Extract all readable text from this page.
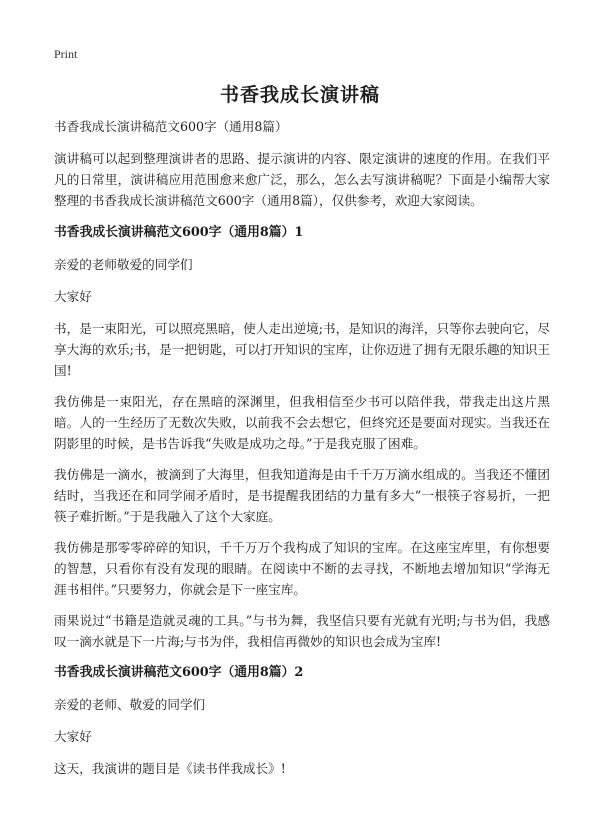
Print
书香我成长演讲稿
书香我成长演讲稿范文600字（通用8篇）
演讲稿可以起到整理演讲者的思路、提示演讲的内容、限定演讲的速度的作用。在我们平凡的日常里，演讲稿应用范围愈来愈广泛，那么，怎么去写演讲稿呢？下面是小编帮大家整理的书香我成长演讲稿范文600字（通用8篇），仅供参考，欢迎大家阅读。
书香我成长演讲稿范文600字（通用8篇）1
亲爱的老师敬爱的同学们
大家好
书，是一束阳光，可以照亮黑暗，使人走出逆境;书，是知识的海洋，只等你去驶向它，尽享大海的欢乐;书，是一把钥匙，可以打开知识的宝库，让你迈进了拥有无限乐趣的知识王国!
我仿佛是一束阳光，存在黑暗的深渊里，但我相信至少书可以陪伴我，带我走出这片黑暗。人的一生经历了无数次失败，以前我不会去想它，但终究还是要面对现实。当我还在阴影里的时候，是书告诉我“失败是成功之母。”于是我克服了困难。
我仿佛是一滴水，被滴到了大海里，但我知道海是由千千万万滴水组成的。当我还不懂团结时，当我还在和同学闹矛盾时，是书提醒我团结的力量有多大“一根筷子容易折，一把筷子难折断。”于是我融入了这个大家庭。
我仿佛是那零零碎碎的知识，千千万万个我构成了知识的宝库。在这座宝库里，有你想要的智慧，只看你有没有发现的眼睛。在阅读中不断的去寻找，不断地去增加知识“学海无涯书相伴。”只要努力，你就会是下一座宝库。
雨果说过“书籍是造就灵魂的工具。”与书为舞，我坚信只要有光就有光明;与书为侣，我感叹一滴水就是下一片海;与书为伴，我相信再微妙的知识也会成为宝库!
书香我成长演讲稿范文600字（通用8篇）2
亲爱的老师、敬爱的同学们
大家好
这天，我演讲的题目是《读书伴我成长》!
